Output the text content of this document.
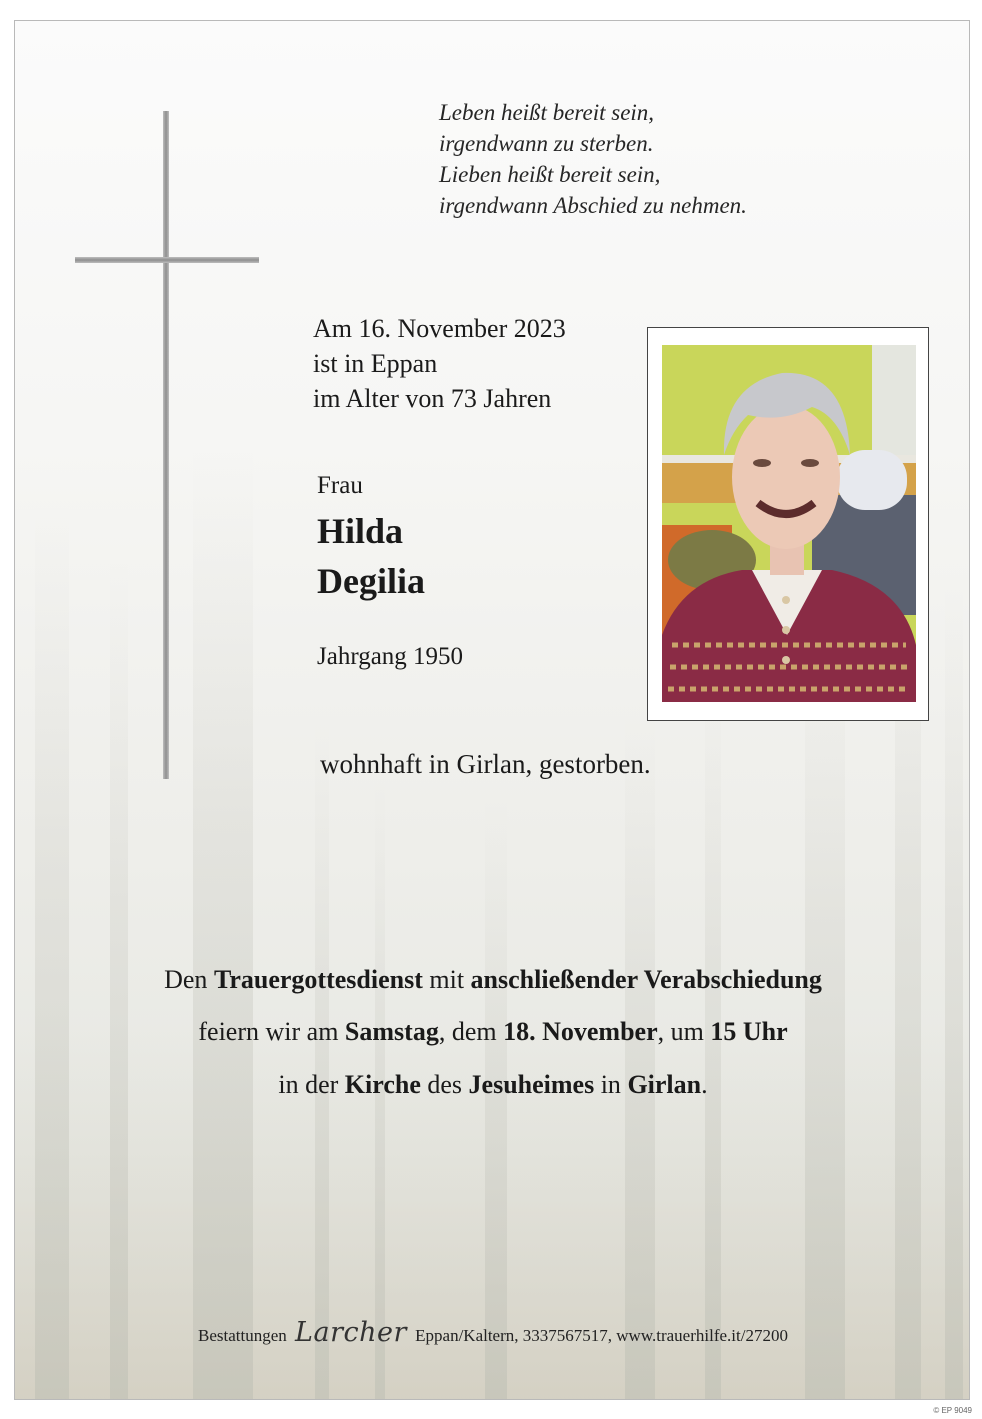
Leben heißt bereit sein,
irgendwann zu sterben.
Lieben heißt bereit sein,
irgendwann Abschied zu nehmen.
Am 16. November 2023
ist in Eppan
im Alter von 73 Jahren
Frau
Hilda
Degilia
Jahrgang 1950
wohnhaft in Girlan, gestorben.
Den Trauergottesdienst mit anschließender Verabschiedung
feiern wir am Samstag, dem 18. November, um 15 Uhr
in der Kirche des Jesuheimes in Girlan.
Bestattungen Larcher Eppan/Kaltern, 3337567517, www.trauerhilfe.it/27200
© EP 9049
